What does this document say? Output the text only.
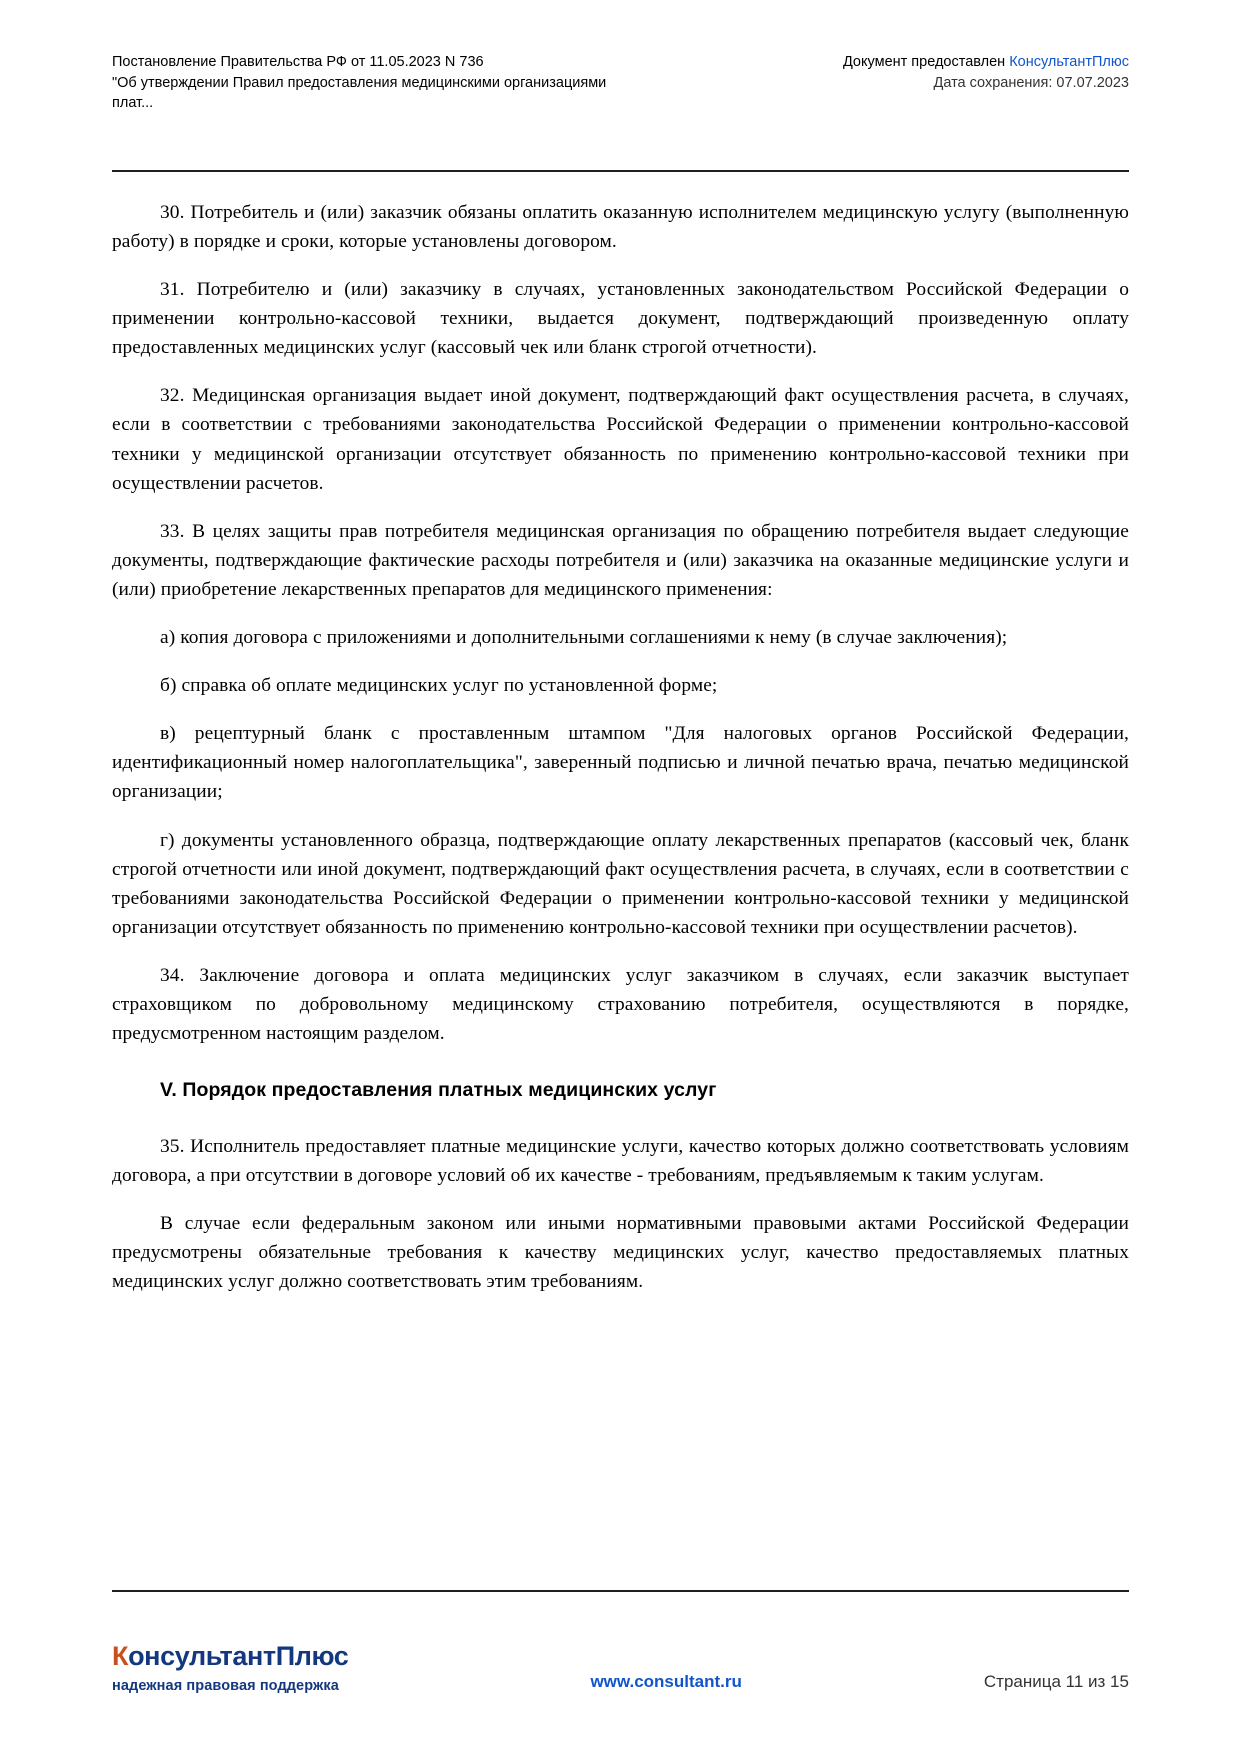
Постановление Правительства РФ от 11.05.2023 N 736
"Об утверждении Правил предоставления медицинскими организациями
плат...
Документ предоставлен КонсультантПлюс
Дата сохранения: 07.07.2023

30. Потребитель и (или) заказчик обязаны оплатить оказанную исполнителем медицинскую услугу (выполненную работу) в порядке и сроки, которые установлены договором.

31. Потребителю и (или) заказчику в случаях, установленных законодательством Российской Федерации о применении контрольно-кассовой техники, выдается документ, подтверждающий произведенную оплату предоставленных медицинских услуг (кассовый чек или бланк строгой отчетности).

32. Медицинская организация выдает иной документ, подтверждающий факт осуществления расчета, в случаях, если в соответствии с требованиями законодательства Российской Федерации о применении контрольно-кассовой техники у медицинской организации отсутствует обязанность по применению контрольно-кассовой техники при осуществлении расчетов.

33. В целях защиты прав потребителя медицинская организация по обращению потребителя выдает следующие документы, подтверждающие фактические расходы потребителя и (или) заказчика на оказанные медицинские услуги и (или) приобретение лекарственных препаратов для медицинского применения:

а) копия договора с приложениями и дополнительными соглашениями к нему (в случае заключения);

б) справка об оплате медицинских услуг по установленной форме;

в) рецептурный бланк с проставленным штампом "Для налоговых органов Российской Федерации, идентификационный номер налогоплательщика", заверенный подписью и личной печатью врача, печатью медицинской организации;

г) документы установленного образца, подтверждающие оплату лекарственных препаратов (кассовый чек, бланк строгой отчетности или иной документ, подтверждающий факт осуществления расчета, в случаях, если в соответствии с требованиями законодательства Российской Федерации о применении контрольно-кассовой техники у медицинской организации отсутствует обязанность по применению контрольно-кассовой техники при осуществлении расчетов).

34. Заключение договора и оплата медицинских услуг заказчиком в случаях, если заказчик выступает страховщиком по добровольному медицинскому страхованию потребителя, осуществляются в порядке, предусмотренном настоящим разделом.

V. Порядок предоставления платных медицинских услуг

35. Исполнитель предоставляет платные медицинские услуги, качество которых должно соответствовать условиям договора, а при отсутствии в договоре условий об их качестве - требованиям, предъявляемым к таким услугам.

В случае если федеральным законом или иными нормативными правовыми актами Российской Федерации предусмотрены обязательные требования к качеству медицинских услуг, качество предоставляемых платных медицинских услуг должно соответствовать этим требованиям.

КонсультантПлюс
надежная правовая поддержка	www.consultant.ru	Страница 11 из 15
